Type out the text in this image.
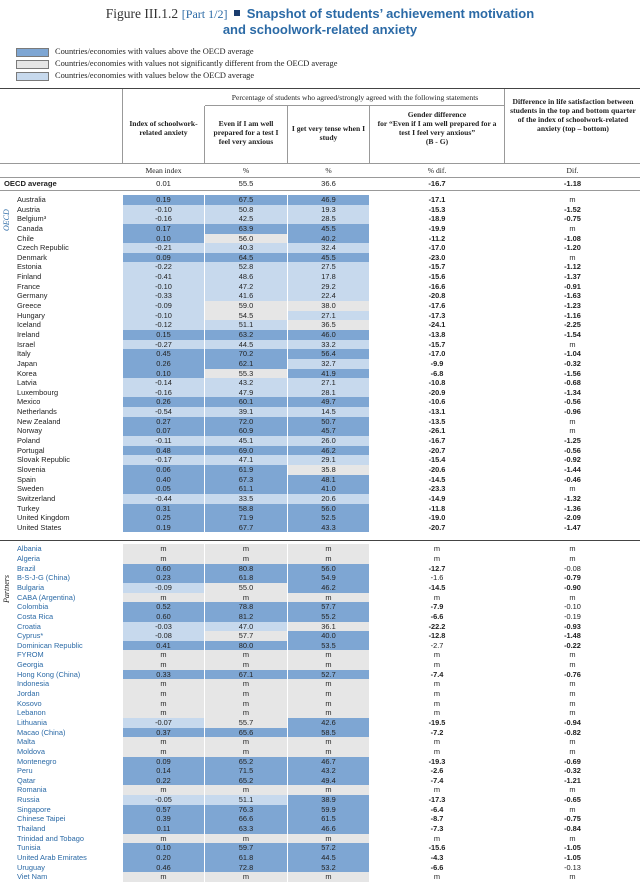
Figure III.1.2 [Part 1/2] Snapshot of students’ achievement motivation
and schoolwork-related anxiety
Countries/economies with values above the OECD average
Countries/economies with values not significantly different from the OECD average
Countries/economies with values below the OECD average
Percentage of students who agreed/strongly agreed with the following statements
Index of schoolwork-related anxiety
Even if I am well prepared for a test I feel very anxious
I get very tense when I study
Gender difference
for “Even if I am well prepared for a test I feel very anxious”
(B - G)
Difference in life satisfaction between students in the top and bottom quarter of the index of schoolwork-related anxiety (top – bottom)
Mean index	%	%	% dif.	Dif.
OECD average	0.01	55.5	36.6	-16.7	-1.18
OECD
Australia	0.19	67.5	46.9	-17.1	m
Austria	-0.10	50.8	19.3	-15.3	-1.52
Belgium³	-0.16	42.5	28.5	-18.9	-0.75
Canada	0.17	63.9	45.5	-19.9	m
Chile	0.10	56.0	40.2	-11.2	-1.08
Czech Republic	-0.21	40.3	32.4	-17.0	-1.20
Denmark	0.09	64.5	45.5	-23.0	m
Estonia	-0.22	52.8	27.5	-15.7	-1.12
Finland	-0.41	48.6	17.8	-15.6	-1.37
France	-0.10	47.2	29.2	-16.6	-0.91
Germany	-0.33	41.6	22.4	-20.8	-1.63
Greece	-0.09	59.0	38.0	-17.6	-1.23
Hungary	-0.10	54.5	27.1	-17.3	-1.16
Iceland	-0.12	51.1	36.5	-24.1	-2.25
Ireland	0.15	63.2	46.0	-13.8	-1.54
Israel	-0.27	44.5	33.2	-15.7	m
Italy	0.45	70.2	56.4	-17.0	-1.04
Japan	0.26	62.1	32.7	-9.9	-0.32
Korea	0.10	55.3	41.9	-6.8	-1.56
Latvia	-0.14	43.2	27.1	-10.8	-0.68
Luxembourg	-0.16	47.9	28.1	-20.9	-1.34
Mexico	0.26	60.1	49.7	-10.6	-0.56
Netherlands	-0.54	39.1	14.5	-13.1	-0.96
New Zealand	0.27	72.0	50.7	-13.5	m
Norway	0.07	60.9	45.7	-26.1	m
Poland	-0.11	45.1	26.0	-16.7	-1.25
Portugal	0.48	69.0	46.2	-20.7	-0.56
Slovak Republic	-0.17	47.1	29.1	-15.4	-0.92
Slovenia	0.06	61.9	35.8	-20.6	-1.44
Spain	0.40	67.3	48.1	-14.5	-0.46
Sweden	0.05	61.1	41.0	-23.3	m
Switzerland	-0.44	33.5	20.6	-14.9	-1.32
Turkey	0.31	58.8	56.0	-11.8	-1.36
United Kingdom	0.25	71.9	52.5	-19.0	-2.09
United States	0.19	67.7	43.3	-20.7	-1.47
Partners
Albania	m	m	m	m	m
Algeria	m	m	m	m	m
Brazil	0.60	80.8	56.0	-12.7	-0.08
B-S-J-G (China)	0.23	61.8	54.9	-1.6	-0.79
Bulgaria	-0.09	55.0	46.2	-14.5	-0.90
CABA (Argentina)	m	m	m	m	m
Colombia	0.52	78.8	57.7	-7.9	-0.10
Costa Rica	0.60	81.2	55.2	-6.6	-0.19
Croatia	-0.03	47.0	36.1	-22.2	-0.93
Cyprus*	-0.08	57.7	40.0	-12.8	-1.48
Dominican Republic	0.41	80.0	53.5	-2.7	-0.22
FYROM	m	m	m	m	m
Georgia	m	m	m	m	m
Hong Kong (China)	0.33	67.1	52.7	-7.4	-0.76
Indonesia	m	m	m	m	m
Jordan	m	m	m	m	m
Kosovo	m	m	m	m	m
Lebanon	m	m	m	m	m
Lithuania	-0.07	55.7	42.6	-19.5	-0.94
Macao (China)	0.37	65.6	58.5	-7.2	-0.82
Malta	m	m	m	m	m
Moldova	m	m	m	m	m
Montenegro	0.09	65.2	46.7	-19.3	-0.69
Peru	0.14	71.5	43.2	-2.6	-0.32
Qatar	0.22	65.2	49.4	-7.4	-1.21
Romania	m	m	m	m	m
Russia	-0.05	51.1	38.9	-17.3	-0.65
Singapore	0.57	76.3	59.9	-6.4	m
Chinese Taipei	0.39	66.6	61.5	-8.7	-0.75
Thailand	0.11	63.3	46.6	-7.3	-0.84
Trinidad and Tobago	m	m	m	m	m
Tunisia	0.10	59.7	57.2	-15.6	-1.05
United Arab Emirates	0.20	61.8	44.5	-4.3	-1.05
Uruguay	0.46	72.8	53.2	-6.6	-0.13
Viet Nam	m	m	m	m	m
